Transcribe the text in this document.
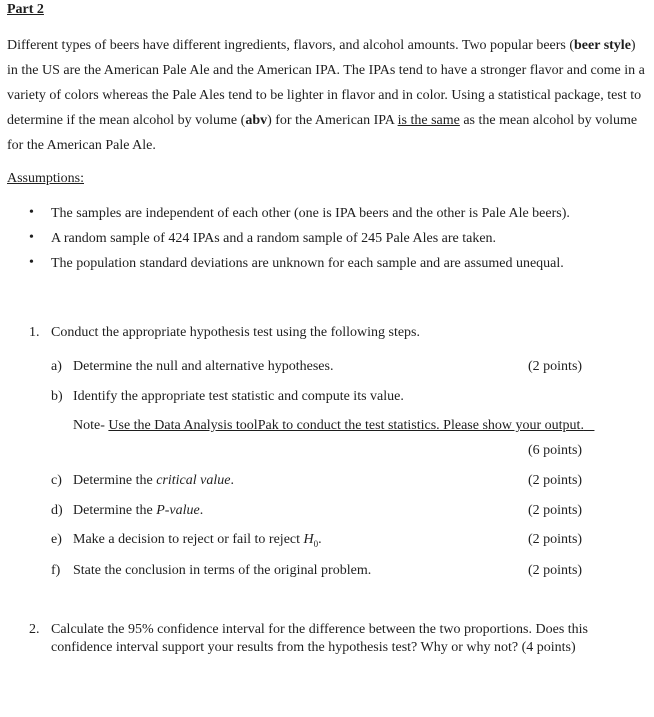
Part 2
Different types of beers have different ingredients, flavors, and alcohol amounts. Two popular beers (beer style) in the US are the American Pale Ale and the American IPA. The IPAs tend to have a stronger flavor and come in a variety of colors whereas the Pale Ales tend to be lighter in flavor and in color. Using a statistical package, test to determine if the mean alcohol by volume (abv) for the American IPA is the same as the mean alcohol by volume for the American Pale Ale.
Assumptions:
• The samples are independent of each other (one is IPA beers and the other is Pale Ale beers).
• A random sample of 424 IPAs and a random sample of 245 Pale Ales are taken.
• The population standard deviations are unknown for each sample and are assumed unequal.
1. Conduct the appropriate hypothesis test using the following steps.
a) Determine the null and alternative hypotheses.	(2 points)
b) Identify the appropriate test statistic and compute its value.
Note- Use the Data Analysis toolPak to conduct the test statistics. Please show your output.
(6 points)
c) Determine the critical value.	(2 points)
d) Determine the P-value.	(2 points)
e) Make a decision to reject or fail to reject $H_0$.	(2 points)
f) State the conclusion in terms of the original problem.	(2 points)
2. Calculate the 95% confidence interval for the difference between the two proportions. Does this confidence interval support your results from the hypothesis test? Why or why not? (4 points)
